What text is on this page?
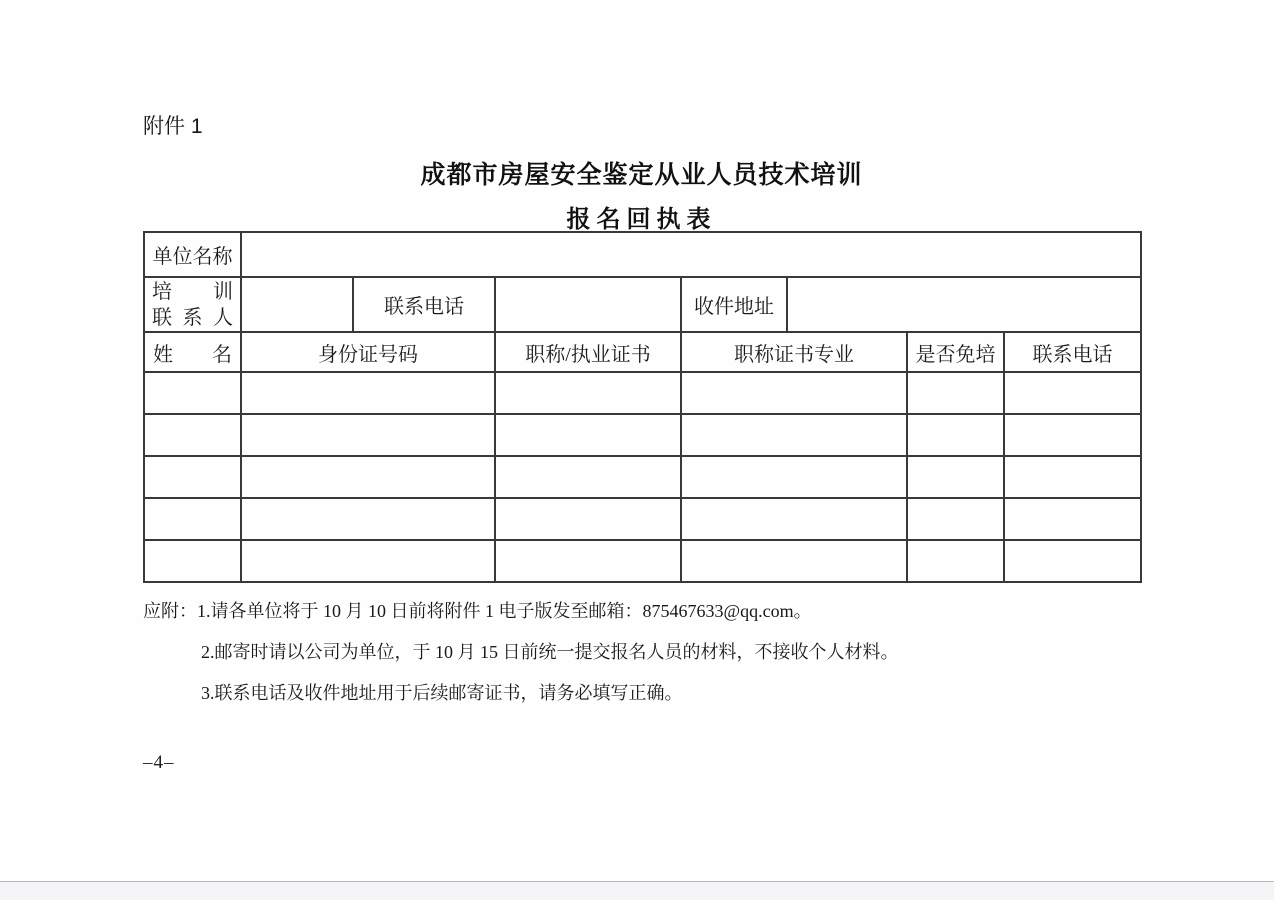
附件 1
成都市房屋安全鉴定从业人员技术培训
报名回执表
单位名称							

培 训
联 系 人		联系电话		收件地址			
姓 名	身份证号码		职称/执业证书	职称证书专业		是否免培	联系电话

应附：1.请各单位将于 10 月 10 日前将附件 1 电子版发至邮箱：875467633@qq.com。
2.邮寄时请以公司为单位，于 10 月 15 日前统一提交报名人员的材料，不接收个人材料。
3.联系电话及收件地址用于后续邮寄证书，请务必填写正确。
–4–
